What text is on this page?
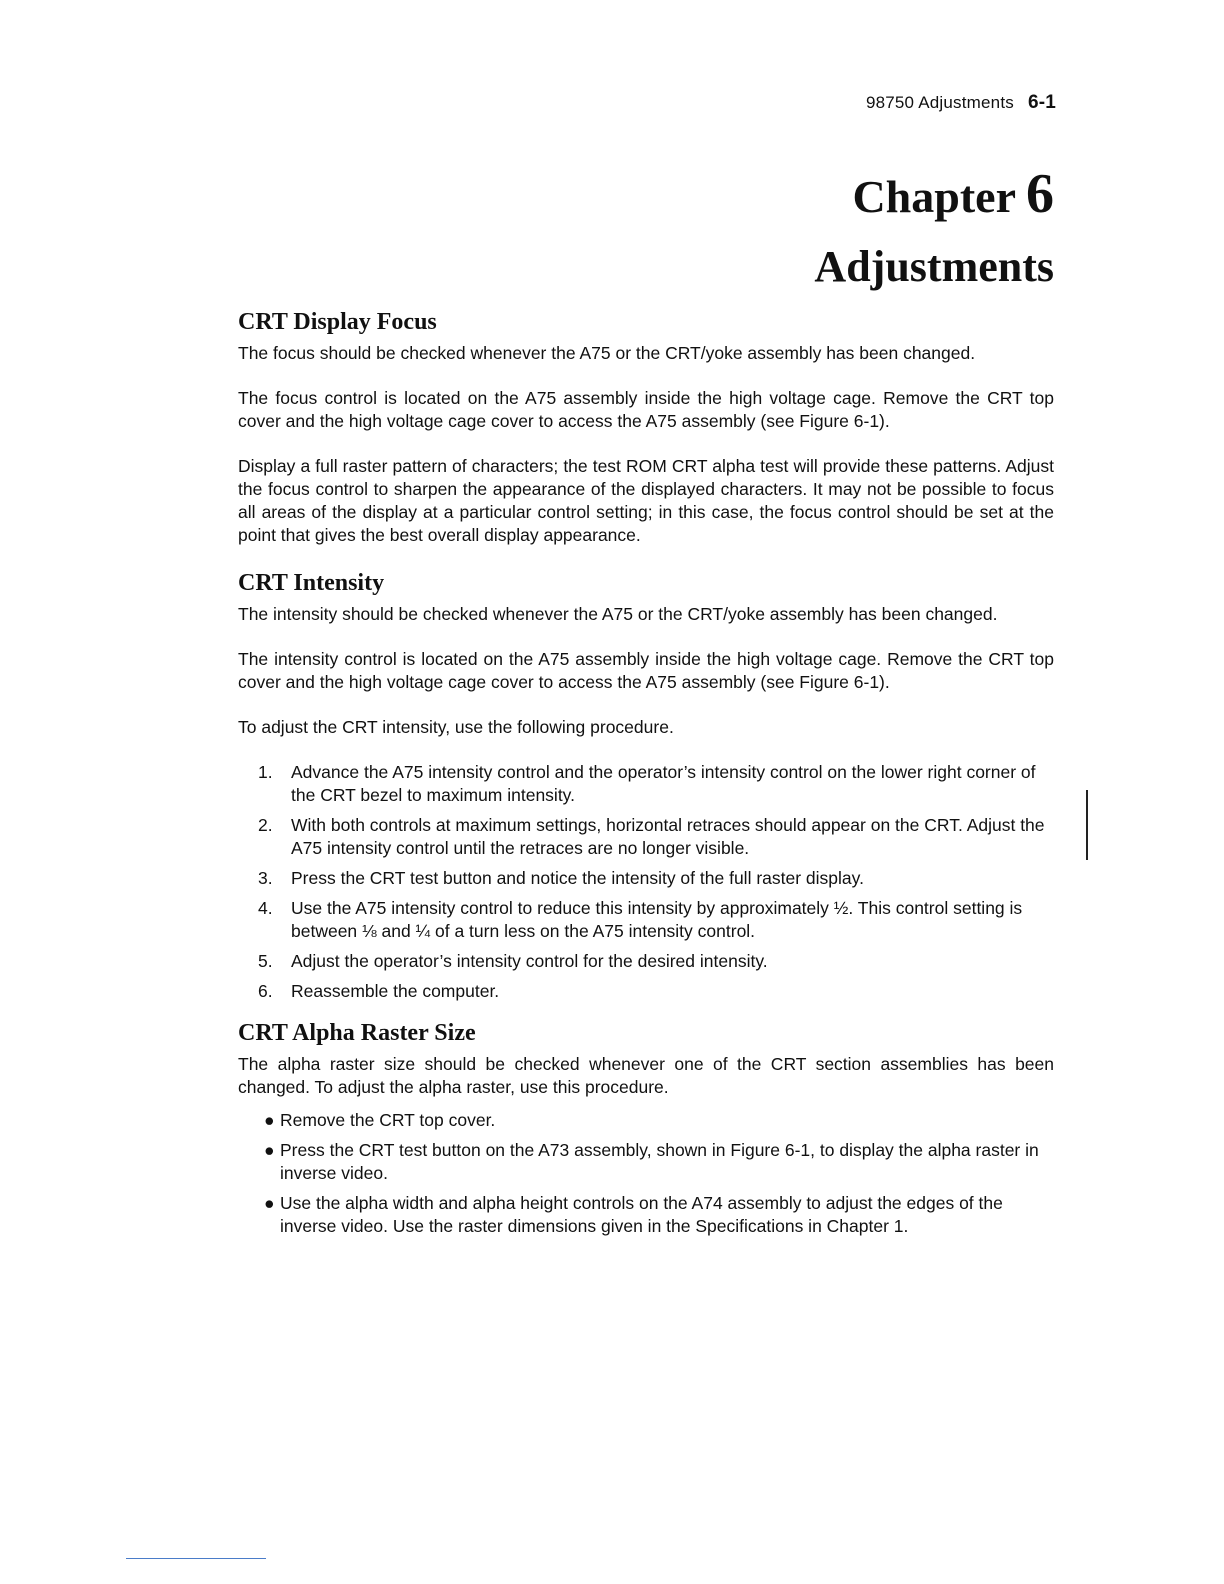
98750 Adjustments 6-1
Chapter 6
Adjustments
CRT Display Focus

The focus should be checked whenever the A75 or the CRT/yoke assembly has been changed.

The focus control is located on the A75 assembly inside the high voltage cage. Remove the CRT top cover and the high voltage cage cover to access the A75 assembly (see Figure 6-1).

Display a full raster pattern of characters; the test ROM CRT alpha test will provide these patterns. Adjust the focus control to sharpen the appearance of the displayed characters. It may not be possible to focus all areas of the display at a particular control setting; in this case, the focus control should be set at the point that gives the best overall display appearance.

CRT Intensity

The intensity should be checked whenever the A75 or the CRT/yoke assembly has been changed.

The intensity control is located on the A75 assembly inside the high voltage cage. Remove the CRT top cover and the high voltage cage cover to access the A75 assembly (see Figure 6-1).

To adjust the CRT intensity, use the following procedure.

1. Advance the A75 intensity control and the operator’s intensity control on the lower right corner of the CRT bezel to maximum intensity.
2. With both controls at maximum settings, horizontal retraces should appear on the CRT. Adjust the A75 intensity control until the retraces are no longer visible.
3. Press the CRT test button and notice the intensity of the full raster display.
4. Use the A75 intensity control to reduce this intensity by approximately ½. This control setting is between ⅛ and ¼ of a turn less on the A75 intensity control.
5. Adjust the operator’s intensity control for the desired intensity.
6. Reassemble the computer.
CRT Alpha Raster Size

The alpha raster size should be checked whenever one of the CRT section assemblies has been changed. To adjust the alpha raster, use this procedure.

● Remove the CRT top cover.
● Press the CRT test button on the A73 assembly, shown in Figure 6-1, to display the alpha raster in inverse video.
● Use the alpha width and alpha height controls on the A74 assembly to adjust the edges of the inverse video. Use the raster dimensions given in the Specifications in Chapter 1.
